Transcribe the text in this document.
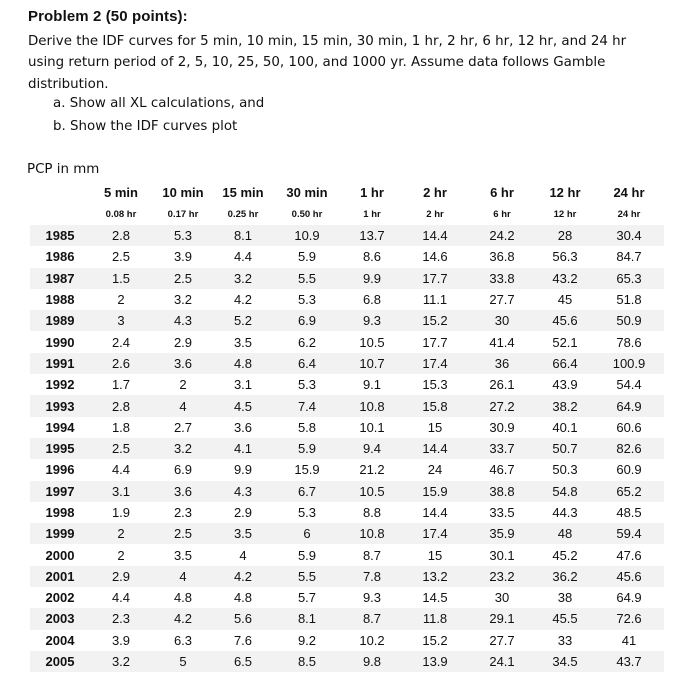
Problem 2 (50 points):
Derive the IDF curves for 5 min, 10 min, 15 min, 30 min, 1 hr, 2 hr, 6 hr, 12 hr, and 24 hr
using return period of 2, 5, 10, 25, 50, 100, and 1000 yr. Assume data follows Gamble
distribution.
a. Show all XL calculations, and
b. Show the IDF curves plot
PCP in mm
	5 min	10 min	15 min	30 min	1 hr	2 hr	6 hr	12 hr	24 hr
	0.08 hr	0.17 hr	0.25 hr	0.50 hr	1 hr	2 hr	6 hr	12 hr	24 hr
1985	2.8	5.3	8.1	10.9	13.7	14.4	24.2	28	30.4
1986	2.5	3.9	4.4	5.9	8.6	14.6	36.8	56.3	84.7
1987	1.5	2.5	3.2	5.5	9.9	17.7	33.8	43.2	65.3
1988	2	3.2	4.2	5.3	6.8	11.1	27.7	45	51.8
1989	3	4.3	5.2	6.9	9.3	15.2	30	45.6	50.9
1990	2.4	2.9	3.5	6.2	10.5	17.7	41.4	52.1	78.6
1991	2.6	3.6	4.8	6.4	10.7	17.4	36	66.4	100.9
1992	1.7	2	3.1	5.3	9.1	15.3	26.1	43.9	54.4
1993	2.8	4	4.5	7.4	10.8	15.8	27.2	38.2	64.9
1994	1.8	2.7	3.6	5.8	10.1	15	30.9	40.1	60.6
1995	2.5	3.2	4.1	5.9	9.4	14.4	33.7	50.7	82.6
1996	4.4	6.9	9.9	15.9	21.2	24	46.7	50.3	60.9
1997	3.1	3.6	4.3	6.7	10.5	15.9	38.8	54.8	65.2
1998	1.9	2.3	2.9	5.3	8.8	14.4	33.5	44.3	48.5
1999	2	2.5	3.5	6	10.8	17.4	35.9	48	59.4
2000	2	3.5	4	5.9	8.7	15	30.1	45.2	47.6
2001	2.9	4	4.2	5.5	7.8	13.2	23.2	36.2	45.6
2002	4.4	4.8	4.8	5.7	9.3	14.5	30	38	64.9
2003	2.3	4.2	5.6	8.1	8.7	11.8	29.1	45.5	72.6
2004	3.9	6.3	7.6	9.2	10.2	15.2	27.7	33	41
2005	3.2	5	6.5	8.5	9.8	13.9	24.1	34.5	43.7
